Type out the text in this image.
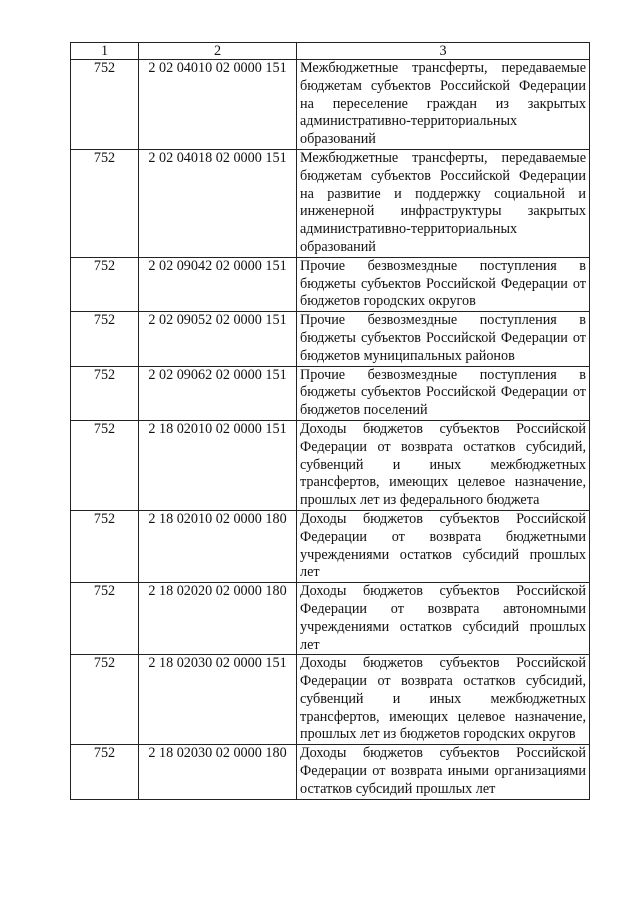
1	2	3
752	2 02 04010 02 0000 151	Межбюджетные трансферты, передаваемые бюджетам субъектов Российской Федерации на переселение граждан из закрытых административно-территориальных образований
752	2 02 04018 02 0000 151	Межбюджетные трансферты, передаваемые бюджетам субъектов Российской Федерации на развитие и поддержку социальной и инженерной инфраструктуры закрытых административно-территориальных образований
752	2 02 09042 02 0000 151	Прочие безвозмездные поступления в бюджеты субъектов Российской Федерации от бюджетов городских округов
752	2 02 09052 02 0000 151	Прочие безвозмездные поступления в бюджеты субъектов Российской Федерации от бюджетов муниципальных районов
752	2 02 09062 02 0000 151	Прочие безвозмездные поступления в бюджеты субъектов Российской Федерации от бюджетов поселений
752	2 18 02010 02 0000 151	Доходы бюджетов субъектов Российской Федерации от возврата остатков субсидий, субвенций и иных межбюджетных трансфертов, имеющих целевое назначение, прошлых лет из федерального бюджета
752	2 18 02010 02 0000 180	Доходы бюджетов субъектов Российской Федерации от возврата бюджетными учреждениями остатков субсидий прошлых лет
752	2 18 02020 02 0000 180	Доходы бюджетов субъектов Российской Федерации от возврата автономными учреждениями остатков субсидий прошлых лет
752	2 18 02030 02 0000 151	Доходы бюджетов субъектов Российской Федерации от возврата остатков субсидий, субвенций и иных межбюджетных трансфертов, имеющих целевое назначение, прошлых лет из бюджетов городских округов
752	2 18 02030 02 0000 180	Доходы бюджетов субъектов Российской Федерации от возврата иными организациями остатков субсидий прошлых лет
